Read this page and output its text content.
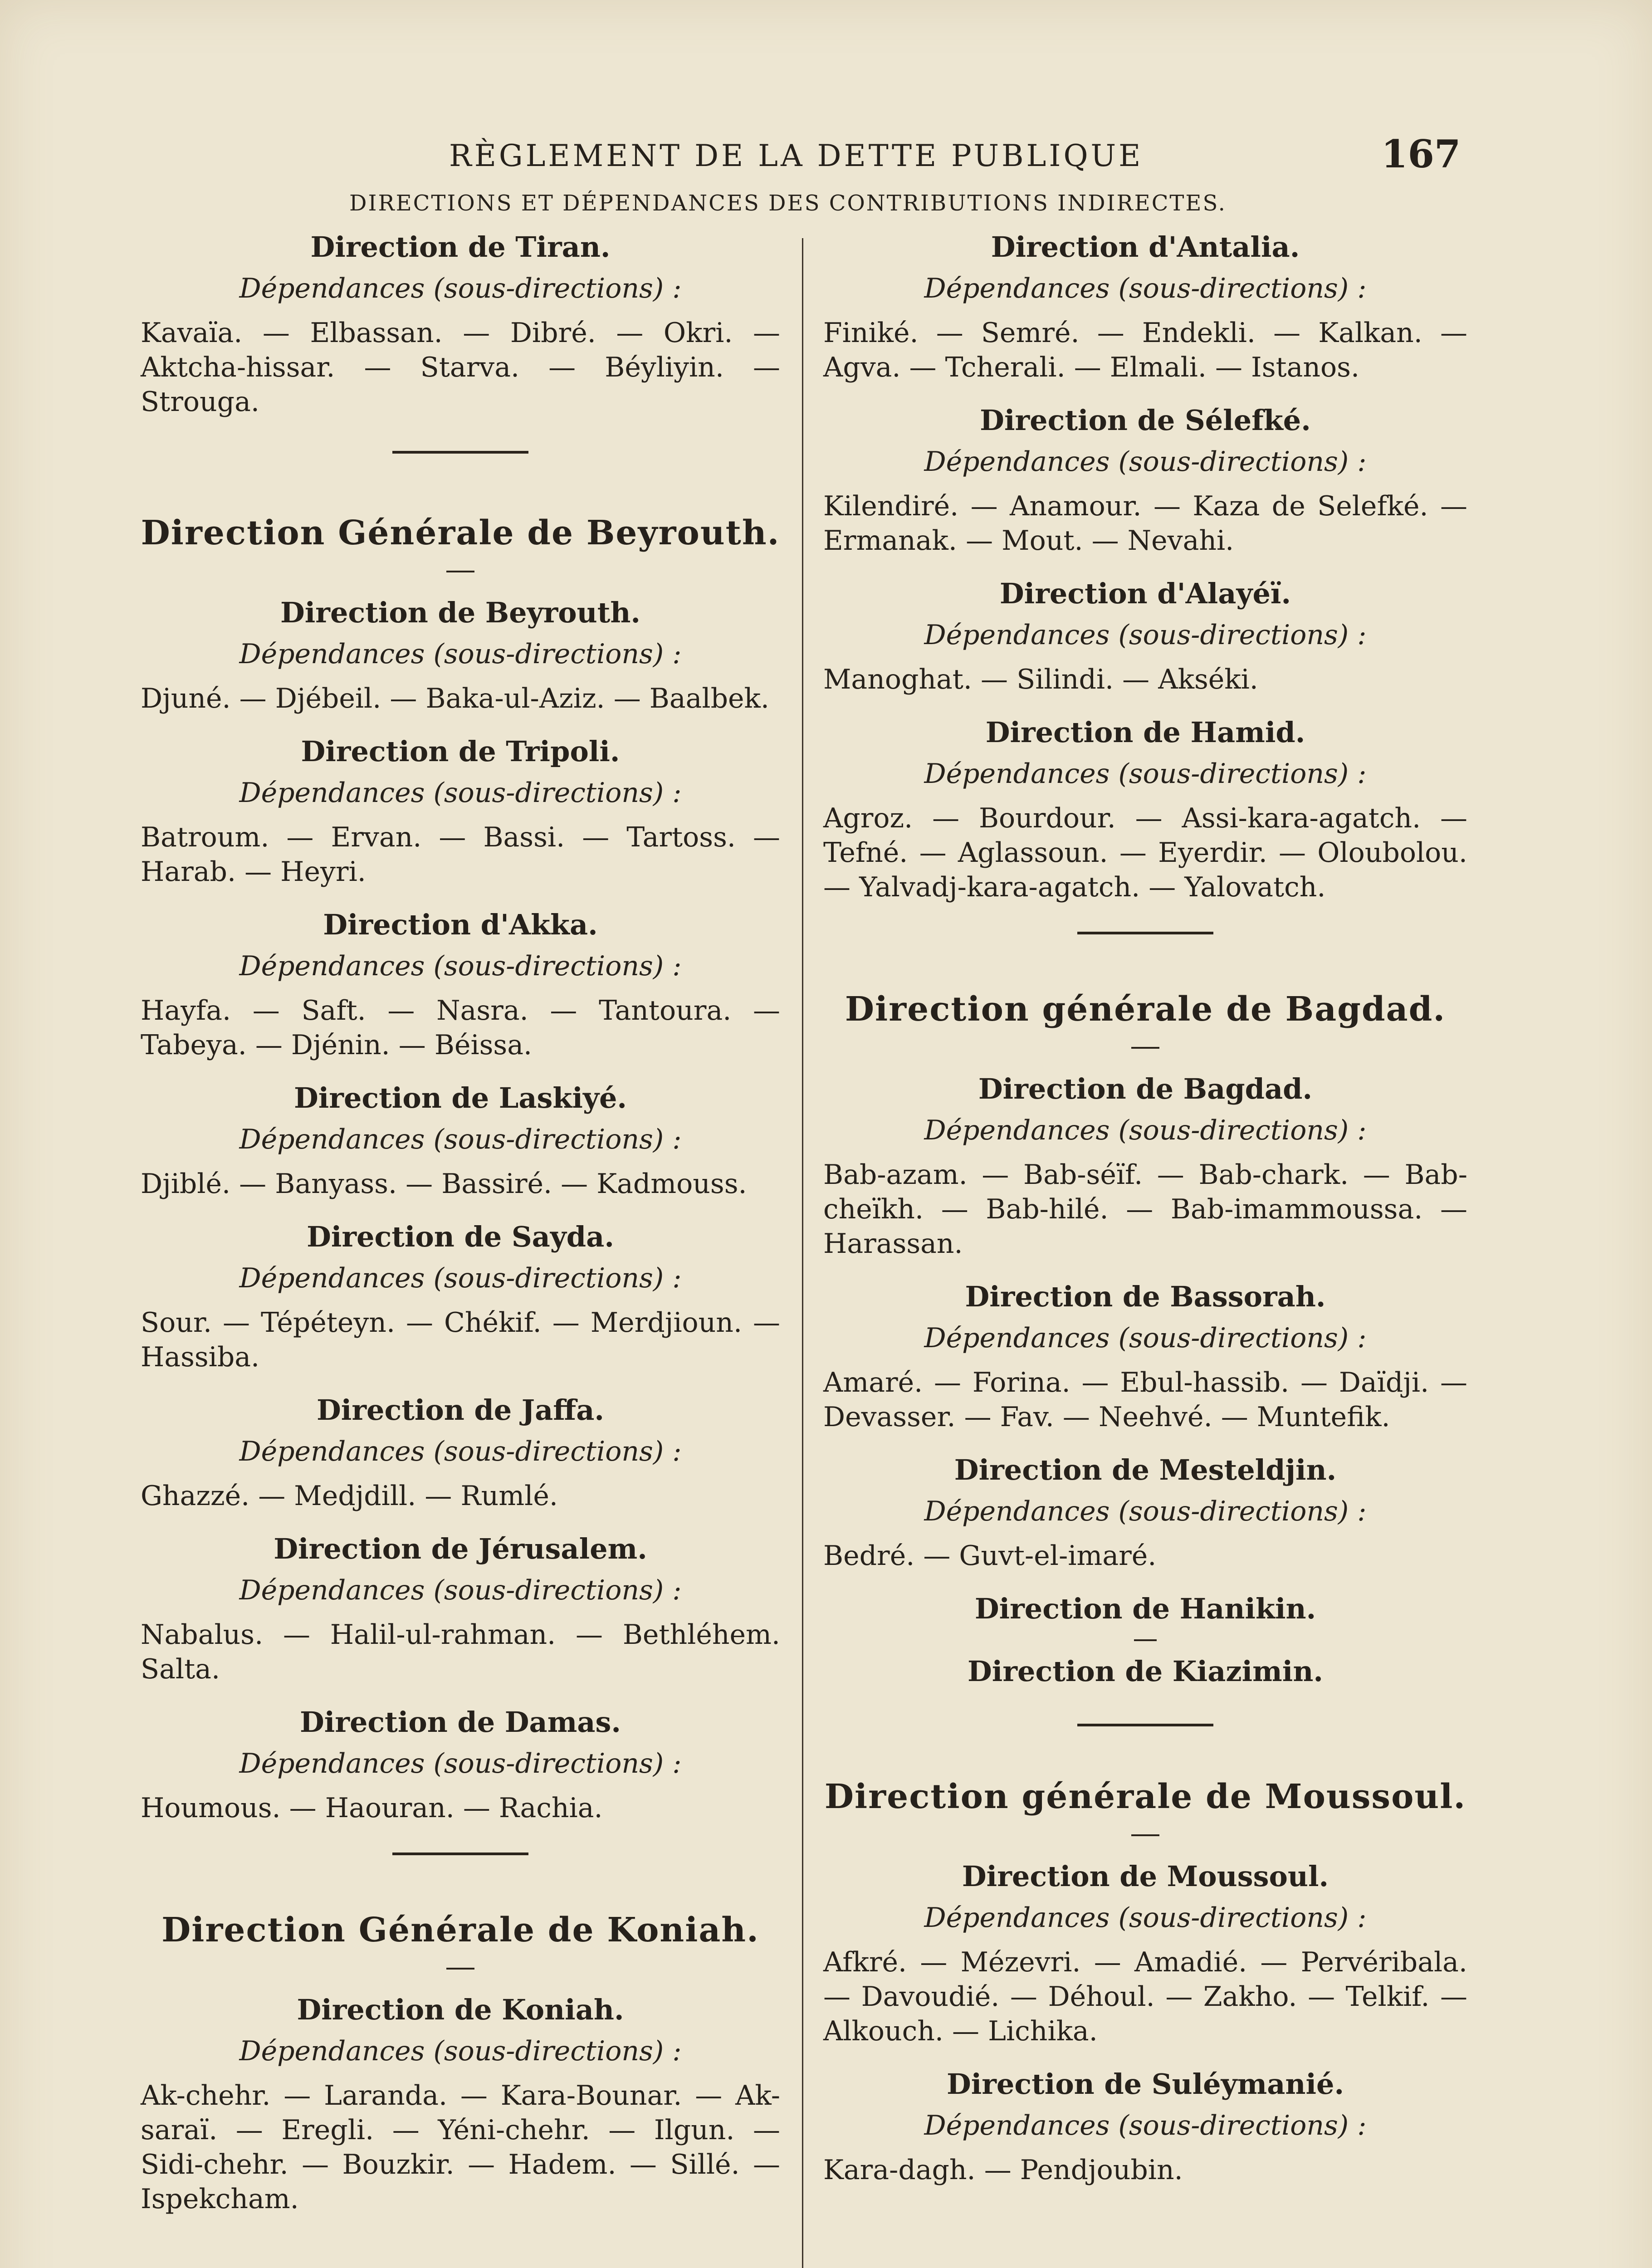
RÈGLEMENT DE LA DETTE PUBLIQUE	167
DIRECTIONS ET DÉPENDANCES DES CONTRIBUTIONS INDIRECTES.

Direction de Tiran.

Dépendances (sous-directions) :

Kavaïa. — Elbassan. — Dibré. — Okri. — Aktcha-hissar. — Starva. — Béyliyin. — Strouga.

Direction Générale de Beyrouth.

Direction de Beyrouth.

Dépendances (sous-directions) :

Djuné. — Djébeil. — Baka-ul-Aziz. — Baalbek.

Direction de Tripoli.

Dépendances (sous-directions) :

Batroum. — Ervan. — Bassi. — Tartoss. — Harab. — Heyri.

Direction d'Akka.

Dépendances (sous-directions) :

Hayfa. — Saft. — Nasra. — Tantoura. — Tabeya. — Djénin. — Béissa.

Direction de Laskiyé.

Dépendances (sous-directions) :

Djiblé. — Banyass. — Bassiré. — Kadmouss.

Direction de Sayda.

Dépendances (sous-directions) :

Sour. — Tépéteyn. — Chékif. — Merdjioun. — Hassiba.

Direction de Jaffa.

Dépendances (sous-directions) :

Ghazzé. — Medjdill. — Rumlé.

Direction de Jérusalem.

Dépendances (sous-directions) :

Nabalus. — Halil-ul-rahman. — Bethléhem. Salta.

Direction de Damas.

Dépendances (sous-directions) :

Houmous. — Haouran. — Rachia.

Direction Générale de Koniah.

Direction de Koniah.

Dépendances (sous-directions) :

Ak-chehr. — Laranda. — Kara-Bounar. — Ak-saraï. — Eregli. — Yéni-chehr. — Ilgun. — Sidi-chehr. — Bouzkir. — Hadem. — Sillé. — Ispekcham.

Direction d'Antalia.

Dépendances (sous-directions) :

Finiké. — Semré. — Endekli. — Kalkan. — Agva. — Tcherali. — Elmali. — Istanos.

Direction de Sélefké.

Dépendances (sous-directions) :

Kilendiré. — Anamour. — Kaza de Selefké. — Ermanak. — Mout. — Nevahi.

Direction d'Alayéï.

Dépendances (sous-directions) :

Manoghat. — Silindi. — Akséki.

Direction de Hamid.

Dépendances (sous-directions) :

Agroz. — Bourdour. — Assi-kara-agatch. — Tefné. — Aglassoun. — Eyerdir. — Oloubolou. — Yalvadj-kara-agatch. — Yalovatch.

Direction générale de Bagdad.

Direction de Bagdad.

Dépendances (sous-directions) :

Bab-azam. — Bab-séïf. — Bab-chark. — Bab-cheïkh. — Bab-hilé. — Bab-imammoussa. — Harassan.

Direction de Bassorah.

Dépendances (sous-directions) :

Amaré. — Forina. — Ebul-hassib. — Daïdji. — Devasser. — Fav. — Neehvé. — Muntefik.

Direction de Mesteldjin.

Dépendances (sous-directions) :

Bedré. — Guvt-el-imaré.

Direction de Hanikin.

Direction de Kiazimin.

Direction générale de Moussoul.

Direction de Moussoul.

Dépendances (sous-directions) :

Afkré. — Mézevri. — Amadié. — Pervéribala. — Davoudié. — Déhoul. — Zakho. — Telkif. — Alkouch. — Lichika.

Direction de Suléymanié.

Dépendances (sous-directions) :

Kara-dagh. — Pendjoubin.
